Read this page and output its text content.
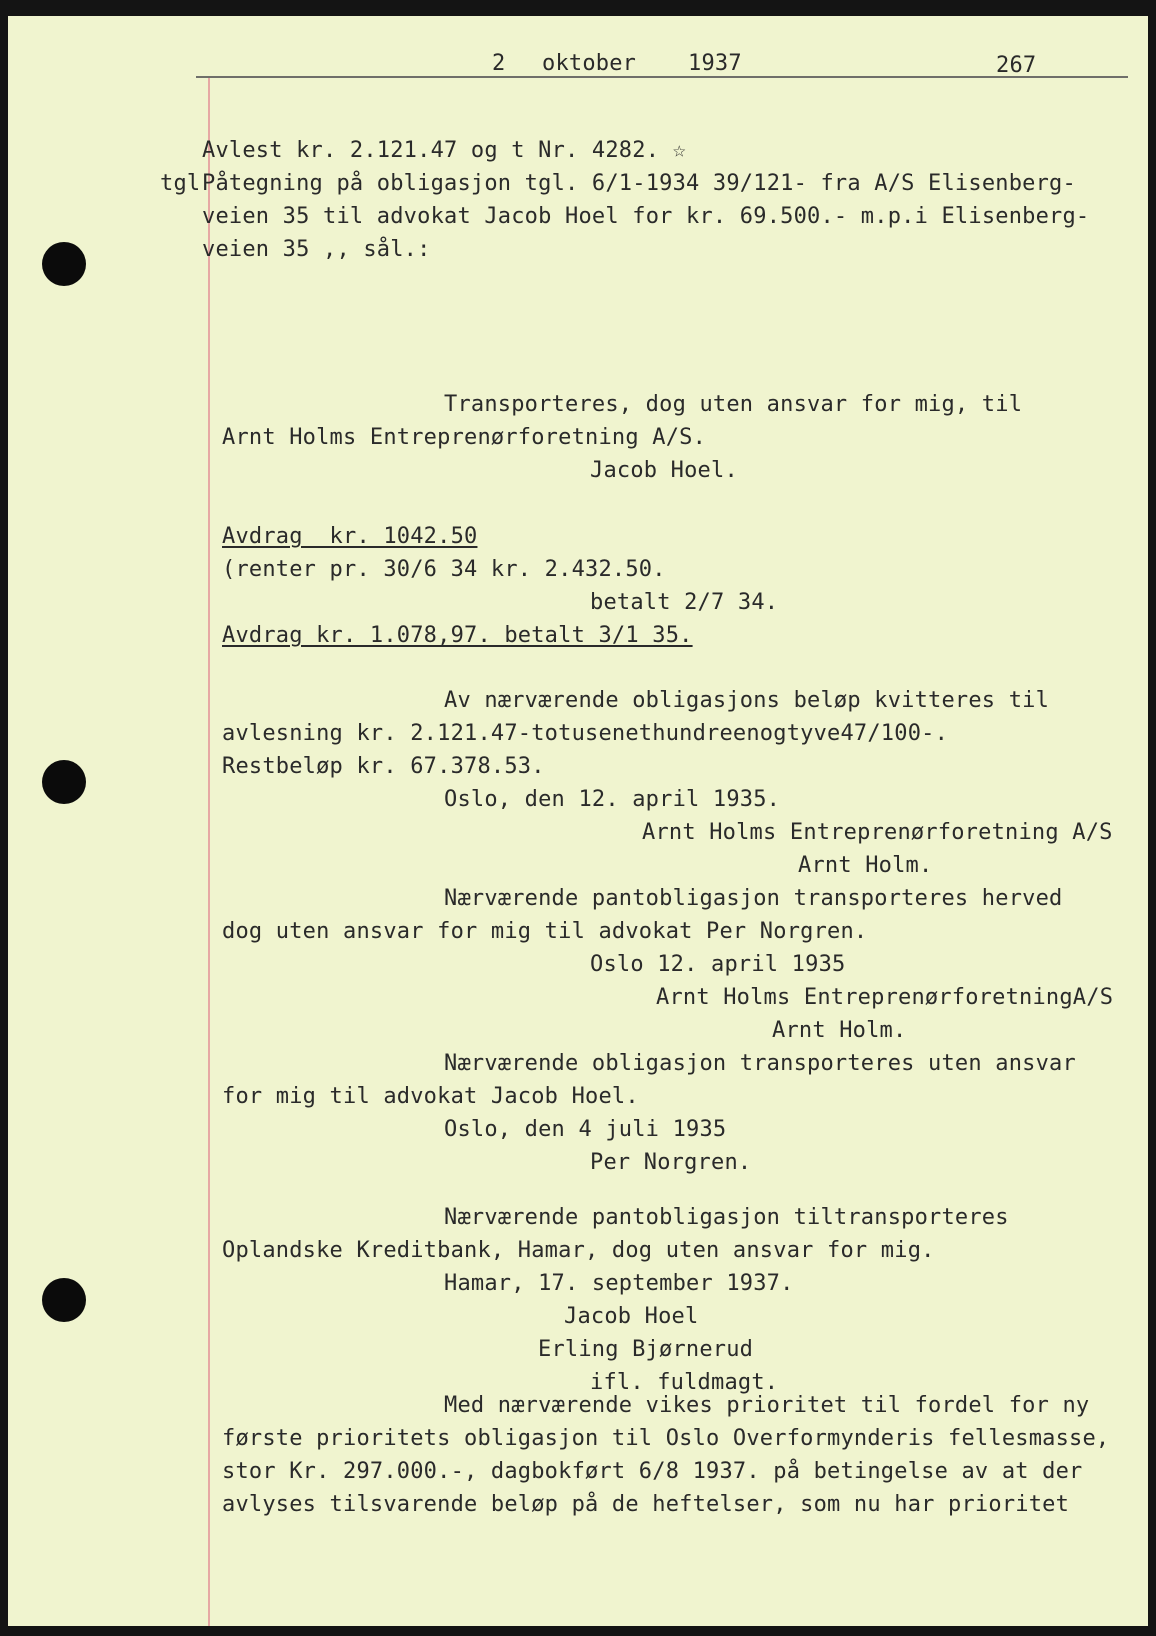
2 oktober 1937	267
tgl
Avlest kr. 2.121.47 og t Nr. 4282. ☆
Påtegning på obligasjon tgl. 6/1-1934 39/121- fra A/S Elisenberg-
veien 35 til advokat Jacob Hoel for kr. 69.500.- m.p.i Elisenberg-
veien 35 ,, sål.:
Transporteres, dog uten ansvar for mig, til
Arnt Holms Entreprenørforetning A/S.
Jacob Hoel.
Avdrag  kr. 1042.50
(renter pr. 30/6 34 kr. 2.432.50.
betalt 2/7 34.
Avdrag kr. 1.078,97. betalt 3/1 35.
Av nærværende obligasjons beløp kvitteres til
avlesning kr. 2.121.47-totusenethundreenogtyve47/100-.
Restbeløp kr. 67.378.53.
Oslo, den 12. april 1935.
Arnt Holms Entreprenørforetning A/S
Arnt Holm.
Nærværende pantobligasjon transporteres herved
dog uten ansvar for mig til advokat Per Norgren.
Oslo 12. april 1935
Arnt Holms EntreprenørforetningA/S
Arnt Holm.
Nærværende obligasjon transporteres uten ansvar
for mig til advokat Jacob Hoel.
Oslo, den 4 juli 1935
Per Norgren.
Nærværende pantobligasjon tiltransporteres
Oplandske Kreditbank, Hamar, dog uten ansvar for mig.
Hamar, 17. september 1937.
Jacob Hoel
Erling Bjørnerud
ifl. fuldmagt.
Med nærværende vikes prioritet til fordel for ny
første prioritets obligasjon til Oslo Overformynderis fellesmasse,
stor Kr. 297.000.-, dagbokført 6/8 1937. på betingelse av at der
avlyses tilsvarende beløp på de heftelser, som nu har prioritet
